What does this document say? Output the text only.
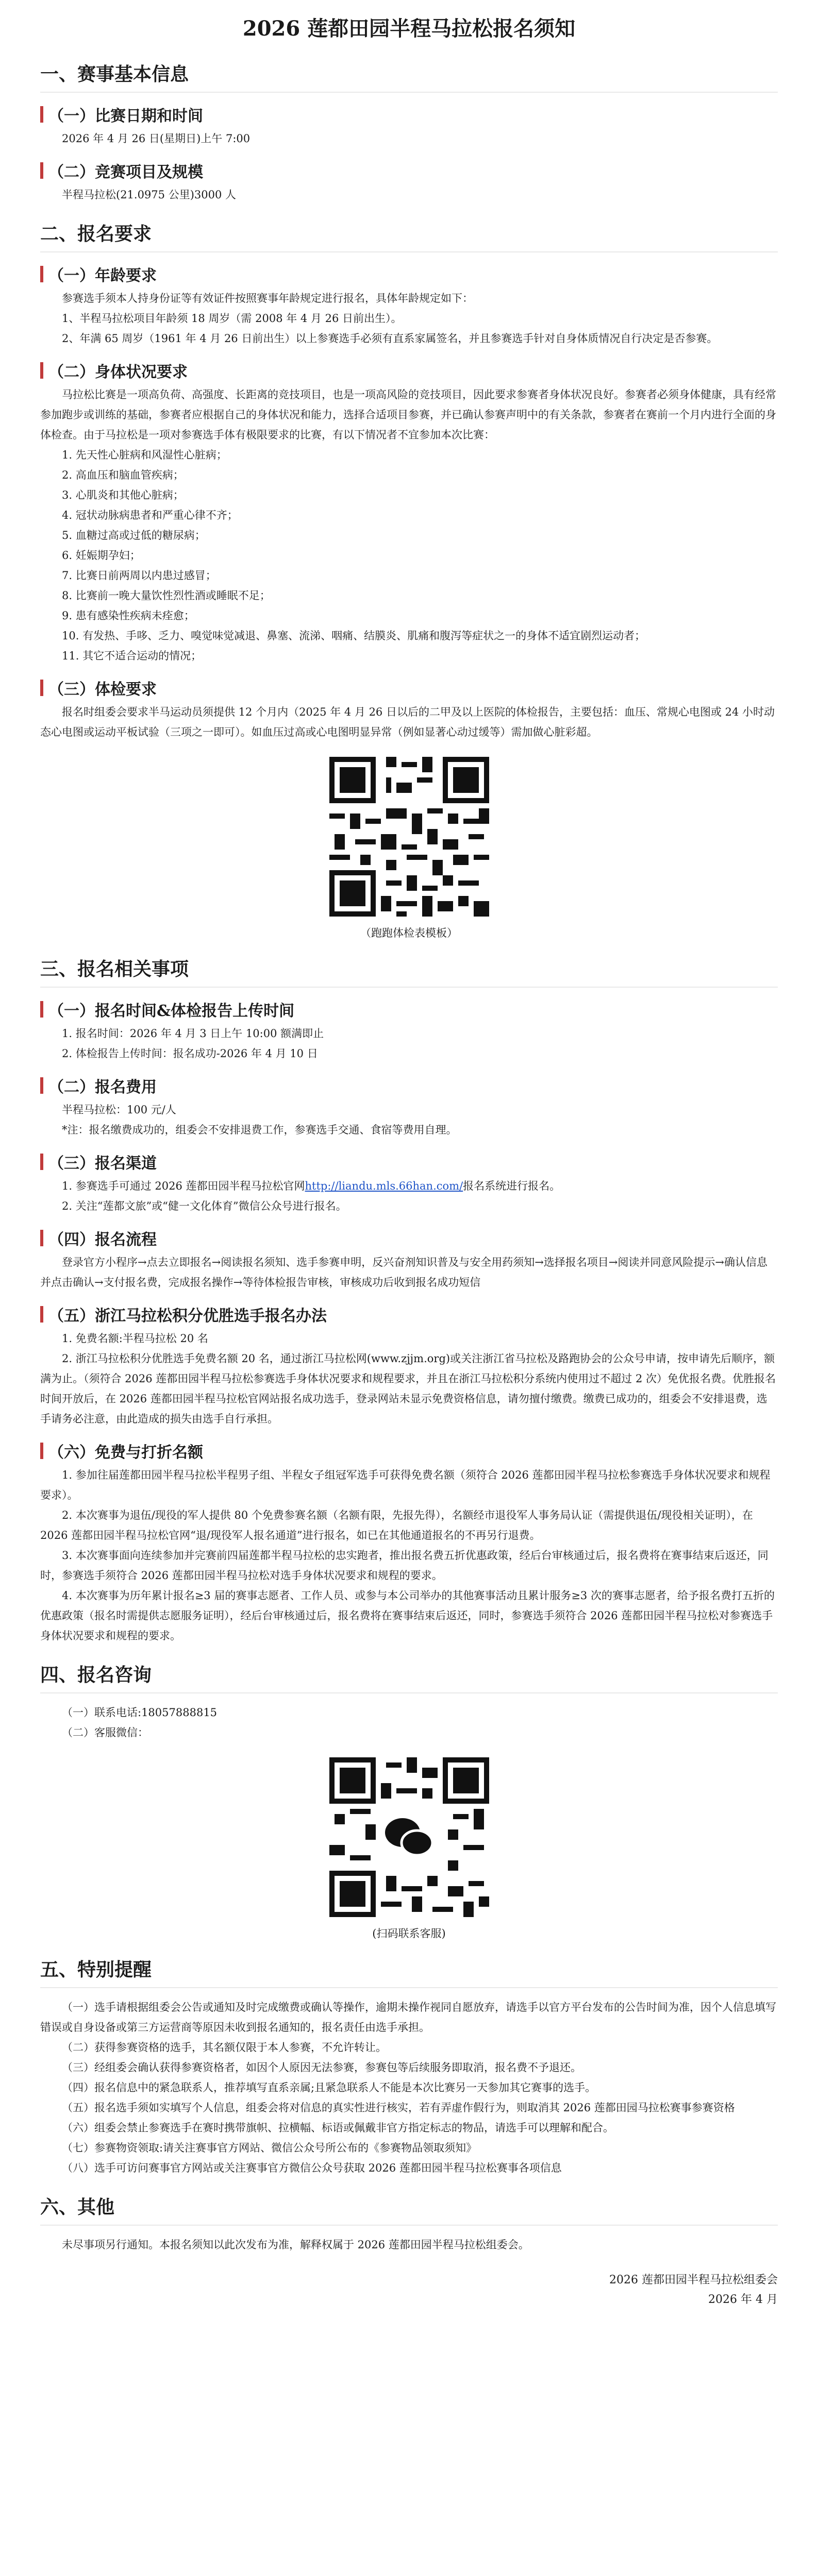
2026 莲都田园半程马拉松报名须知
一、赛事基本信息
（一）比赛日期和时间

2026 年 4 月 26 日(星期日)上午 7:00

（二）竞赛项目及规模

半程马拉松(21.0975 公里)3000 人

二、报名要求
（一）年龄要求

参赛选手须本人持身份证等有效证件按照赛事年龄规定进行报名，具体年龄规定如下：

1、半程马拉松项目年龄须 18 周岁（需 2008 年 4 月 26 日前出生）。

2、年满 65 周岁（1961 年 4 月 26 日前出生）以上参赛选手必须有直系家属签名，并且参赛选手针对自身体质情况自行决定是否参赛。

（二）身体状况要求

马拉松比赛是一项高负荷、高强度、长距离的竞技项目，也是一项高风险的竞技项目，因此要求参赛者身体状况良好。参赛者必须身体健康，具有经常参加跑步或训练的基础，参赛者应根据自己的身体状况和能力，选择合适项目参赛，并已确认参赛声明中的有关条款，参赛者在赛前一个月内进行全面的身体检查。由于马拉松是一项对参赛选手体有极限要求的比赛，有以下情况者不宜参加本次比赛：

1. 先天性心脏病和风湿性心脏病；

2. 高血压和脑血管疾病；

3. 心肌炎和其他心脏病；

4. 冠状动脉病患者和严重心律不齐；

5. 血糖过高或过低的糖尿病；

6. 妊娠期孕妇；

7. 比赛日前两周以内患过感冒；

8. 比赛前一晚大量饮性烈性酒或睡眠不足；

9. 患有感染性疾病未痊愈；

10. 有发热、手哆、乏力、嗅觉味觉减退、鼻塞、流涕、咽痛、结膜炎、肌痛和腹泻等症状之一的身体不适宜剧烈运动者；

11. 其它不适合运动的情况；

（三）体检要求

报名时组委会要求半马运动员须提供 12 个月内（2025 年 4 月 26 日以后的二甲及以上医院的体检报告，主要包括：血压、常规心电图或 24 小时动态心电图或运动平板试验（三项之一即可）。如血压过高或心电图明显异常（例如显著心动过缓等）需加做心脏彩超。

（跑跑体检表模板）
三、报名相关事项
（一）报名时间&体检报告上传时间

1. 报名时间：2026 年 4 月 3 日上午 10:00 额满即止

2. 体检报告上传时间：报名成功-2026 年 4 月 10 日

（二）报名费用

半程马拉松：100 元/人

*注：报名缴费成功的，组委会不安排退费工作，参赛选手交通、食宿等费用自理。

（三）报名渠道

1. 参赛选手可通过 2026 莲都田园半程马拉松官网http://liandu.mls.66han.com/报名系统进行报名。

2. 关注“莲都文旅”或“健一文化体育”微信公众号进行报名。

（四）报名流程

登录官方小程序→点去立即报名→阅读报名须知、选手参赛申明，反兴奋剂知识普及与安全用药须知→选择报名项目→阅读并同意风险提示→确认信息并点击确认→支付报名费，完成报名操作→等待体检报告审核，审核成功后收到报名成功短信

（五）浙江马拉松积分优胜选手报名办法

1. 免费名额:半程马拉松 20 名

2. 浙江马拉松积分优胜选手免费名额 20 名，通过浙江马拉松网(www.zjjm.org)或关注浙江省马拉松及路跑协会的公众号申请，按申请先后顺序，额满为止。（须符合 2026 莲都田园半程马拉松参赛选手身体状况要求和规程要求，并且在浙江马拉松积分系统内使用过不超过 2 次）免优报名费。优胜报名时间开放后，在 2026 莲都田园半程马拉松官网站报名成功选手，登录网站未显示免费资格信息，请勿擅付缴费。缴费已成功的，组委会不安排退费，选手请务必注意，由此造成的损失由选手自行承担。

（六）免费与打折名额

1. 参加往届莲都田园半程马拉松半程男子组、半程女子组冠军选手可获得免费名额（须符合 2026 莲都田园半程马拉松参赛选手身体状况要求和规程要求）。

2. 本次赛事为退伍/现役的军人提供 80 个免费参赛名额（名额有限，先报先得），名额经市退役军人事务局认证（需提供退伍/现役相关证明），在 2026 莲都田园半程马拉松官网“退/现役军人报名通道”进行报名，如已在其他通道报名的不再另行退费。

3. 本次赛事面向连续参加并完赛前四届莲都半程马拉松的忠实跑者，推出报名费五折优惠政策，经后台审核通过后，报名费将在赛事结束后返还，同时，参赛选手须符合 2026 莲都田园半程马拉松对选手身体状况要求和规程的要求。

4. 本次赛事为历年累计报名≥3 届的赛事志愿者、工作人员、或参与本公司举办的其他赛事活动且累计服务≥3 次的赛事志愿者，给予报名费打五折的优惠政策（报名时需提供志愿服务证明），经后台审核通过后，报名费将在赛事结束后返还，同时，参赛选手须符合 2026 莲都田园半程马拉松对参赛选手身体状况要求和规程的要求。

四、报名咨询

（一）联系电话:18057888815

（二）客服微信：

(扫码联系客服)
五、特别提醒

（一）选手请根据组委会公告或通知及时完成缴费或确认等操作，逾期未操作视同自愿放弃，请选手以官方平台发布的公告时间为准，因个人信息填写错误或自身设备或第三方运营商等原因未收到报名通知的，报名责任由选手承担。

（二）获得参赛资格的选手，其名额仅限于本人参赛，不允许转让。

（三）经组委会确认获得参赛资格者，如因个人原因无法参赛，参赛包等后续服务即取消，报名费不予退还。

（四）报名信息中的紧急联系人，推荐填写直系亲属;且紧急联系人不能是本次比赛另一天参加其它赛事的选手。

（五）报名选手须如实填写个人信息，组委会将对信息的真实性进行核实，若有弄虚作假行为，则取消其 2026 莲都田园马拉松赛事参赛资格

（六）组委会禁止参赛选手在赛时携带旗帜、拉横幅、标语或佩戴非官方指定标志的物品，请选手可以理解和配合。

（七）参赛物资领取:请关注赛事官方网站、微信公众号所公布的《参赛物品领取须知》

（八）选手可访问赛事官方网站或关注赛事官方微信公众号获取 2026 莲都田园半程马拉松赛事各项信息

六、其他

未尽事项另行通知。本报名须知以此次发布为准，解释权属于 2026 莲都田园半程马拉松组委会。

2026 莲都田园半程马拉松组委会
2026 年 4 月
